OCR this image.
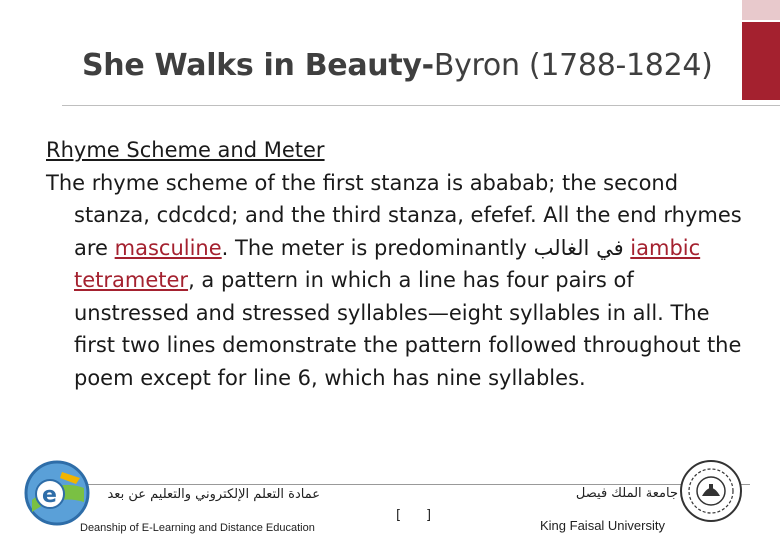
She Walks in Beauty-Byron (1788-1824)
Rhyme Scheme and Meter

The rhyme scheme of the first stanza is ababab; the second stanza, cdcdcd; and the third stanza, efefef. All the end rhymes are masculine. The meter is predominantly في الغالب iambic tetrameter, a pattern in which a line has four pairs of unstressed and stressed syllables—eight syllables in all. The first two lines demonstrate the pattern followed throughout the poem except for line 6, which has nine syllables.

e	عمادة التعلم الإلكتروني والتعليم عن بعد
Deanship of E-Learning and Distance Education
[ ]
جامعة الملك فيصل
King Faisal University
